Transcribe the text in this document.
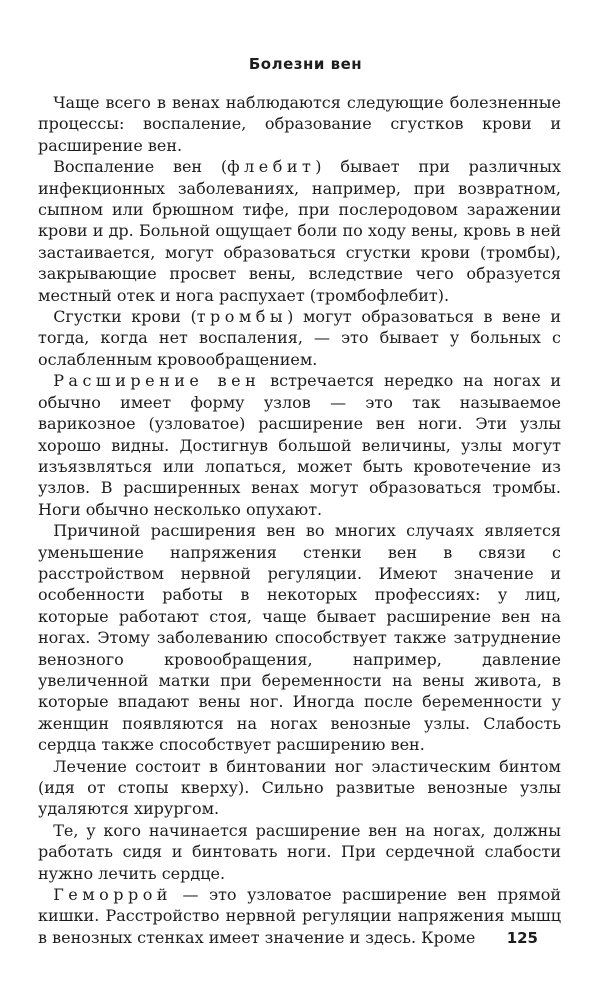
Болезни вен

Чаще всего в венах наблюдаются следующие болезненные процессы: воспаление, образование сгустков крови и расширение вен.

Воспаление вен (флебит) бывает при различных инфекционных заболеваниях, например, при возвратном, сыпном или брюшном тифе, при послеродовом заражении крови и др. Больной ощущает боли по ходу вены, кровь в ней застаивается, могут образоваться сгустки крови (тромбы), закрывающие просвет вены, вследствие чего образуется местный отек и нога распухает (тромбофлебит).

Сгустки крови (тромбы) могут образоваться в вене и тогда, когда нет воспаления, — это бывает у больных с ослабленным кровообращением.

Расширение вен встречается нередко на ногах и обычно имеет форму узлов — это так называемое варикозное (узловатое) расширение вен ноги. Эти узлы хорошо видны. Достигнув большой величины, узлы могут изъязвляться или лопаться, может быть кровотечение из узлов. В расширенных венах могут образоваться тромбы. Ноги обычно несколько опухают.

Причиной расширения вен во многих случаях является уменьшение напряжения стенки вен в связи с расстройством нервной регуляции. Имеют значение и особенности работы в некоторых профессиях: у лиц, которые работают стоя, чаще бывает расширение вен на ногах. Этому заболеванию способствует также затруднение венозного кровообращения, например, давление увеличенной матки при беременности на вены живота, в которые впадают вены ног. Иногда после беременности у женщин появляются на ногах венозные узлы. Слабость сердца также способствует расширению вен.

Лечение состоит в бинтовании ног эластическим бинтом (идя от стопы кверху). Сильно развитые венозные узлы удаляются хирургом.

Те, у кого начинается расширение вен на ногах, должны работать сидя и бинтовать ноги. При сердечной слабости нужно лечить сердце.

Геморрой — это узловатое расширение вен прямой кишки. Расстройство нервной регуляции напряжения мышц в венозных стенках имеет значение и здесь. Кроме	125
